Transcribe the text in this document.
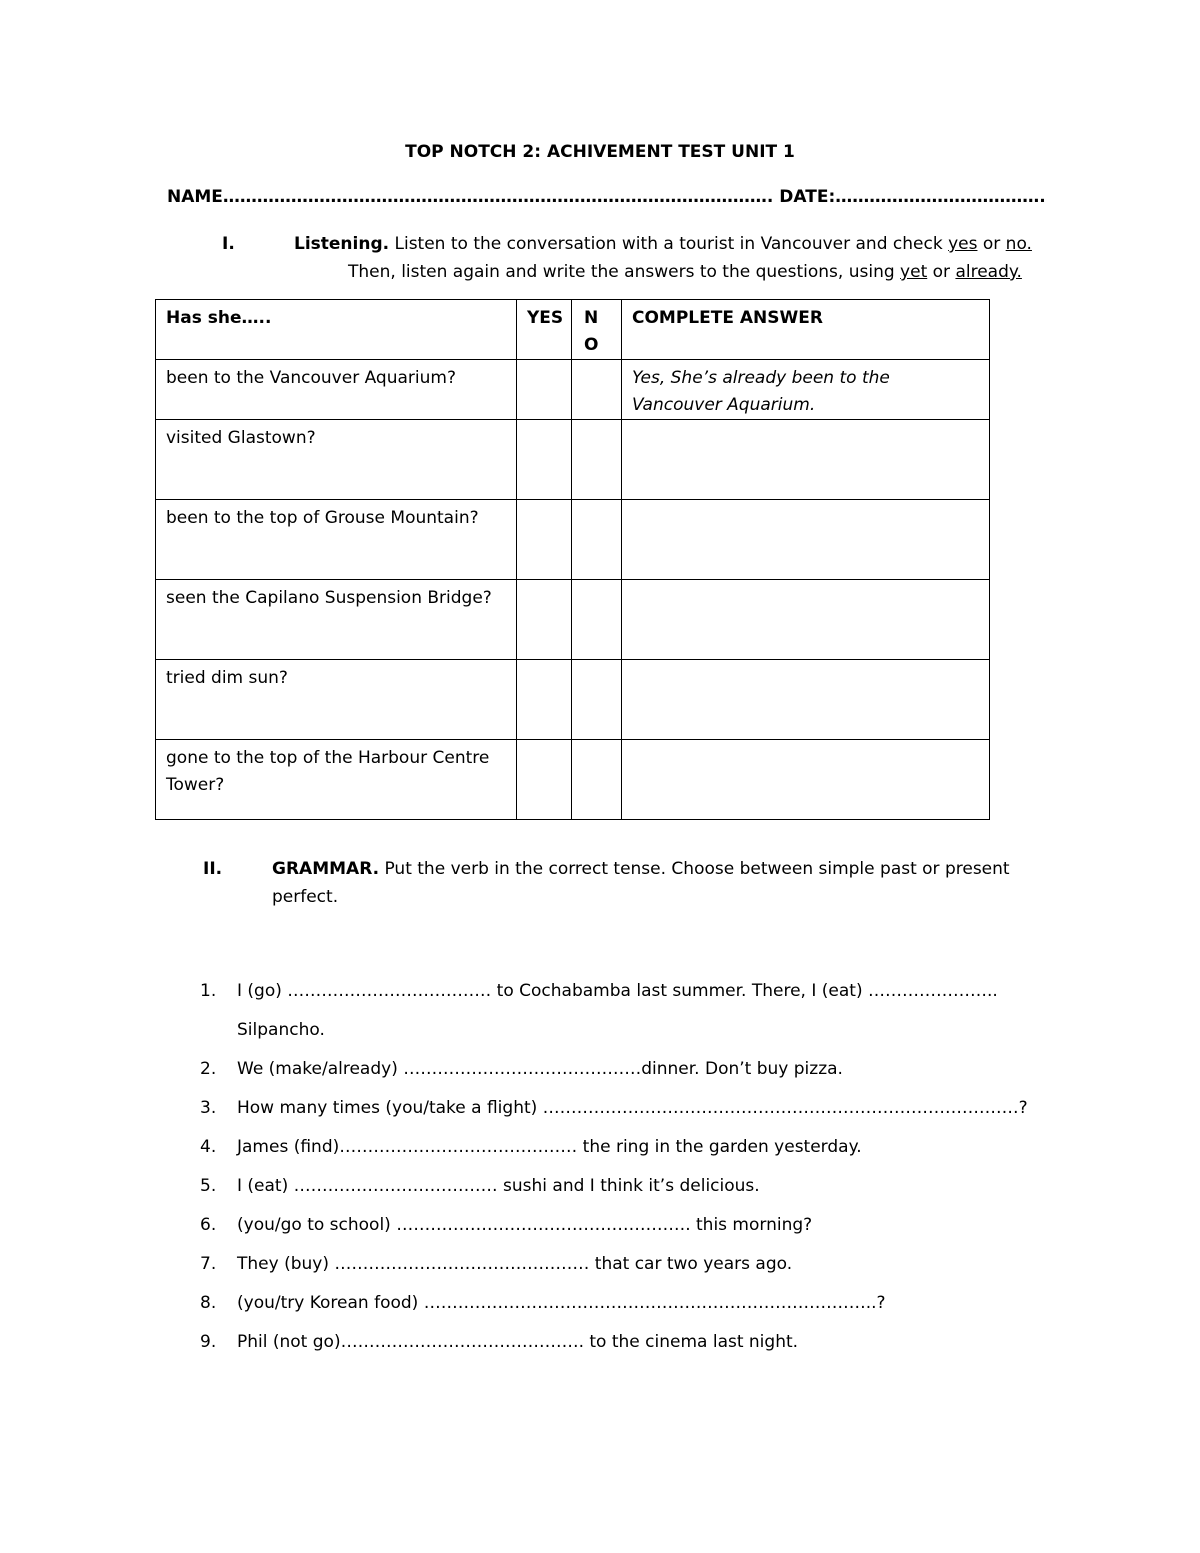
TOP NOTCH 2: ACHIVEMENT TEST UNIT 1
NAME……………………………………………………………………………………. DATE:……………………………….
I.	Listening. Listen to the conversation with a tourist in Vancouver and check yes or no.
Then, listen again and write the answers to the questions, using yet or already.
Has she…..	YES	N O	COMPLETE ANSWER
been to the Vancouver Aquarium?			Yes, She’s already been to the Vancouver Aquarium.
visited Glastown?			
been to the top of Grouse Mountain?			
seen the Capilano Suspension Bridge?			
tried dim sun?			
gone to the top of the Harbour Centre Tower?			
II.	GRAMMAR. Put the verb in the correct tense. Choose between simple past or present perfect.
1. I (go) ……………………………… to Cochabamba last summer. There, I (eat) …………………..
Silpancho.
2. We (make/already) ……………………………………dinner. Don’t buy pizza.
3. How many times (you/take a flight) …………………………………………………………………………?
4. James (find)…………………………………… the ring in the garden yesterday.
5. I (eat) ……………………………… sushi and I think it’s delicious.
6. (you/go to school) ……………………………………………. this morning?
7. They (buy) ……………………………………… that car two years ago.
8. (you/try Korean food) ……………………………………………………………………..?
9. Phil (not go)……………………………………. to the cinema last night.
